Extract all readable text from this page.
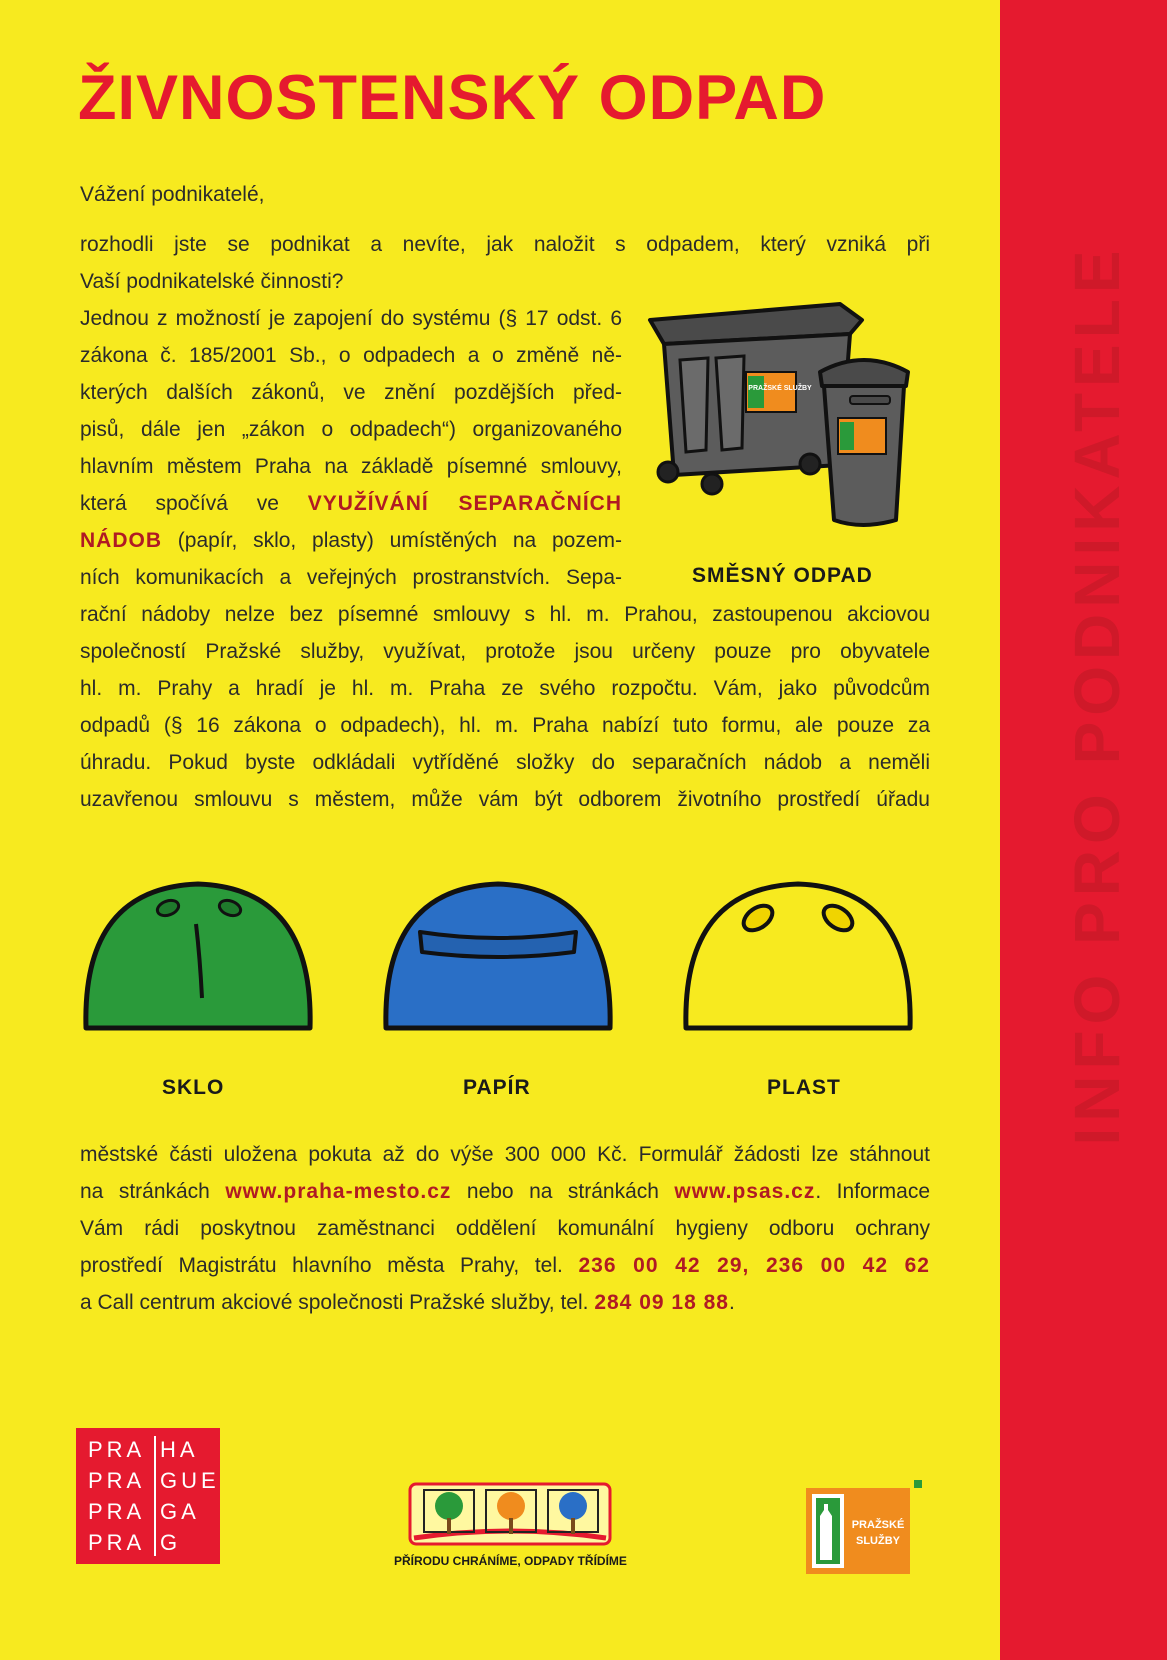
ŽIVNOSTENSKÝ ODPAD

Vážení podnikatelé,

rozhodli jste se podnikat a nevíte, jak naložit s odpadem, který vzniká při
Vaší podnikatelské činnosti?

Jednou z možností je zapojení do systému (§ 17 odst. 6
zákona č. 185/2001 Sb., o odpadech a o změně ně-
kterých dalších zákonů, ve znění pozdějších před-
pisů, dále jen „zákon o odpadech“) organizovaného
hlavním městem Praha na základě písemné smlouvy,
která spočívá ve VYUŽÍVÁNÍ SEPARAČNÍCH
NÁDOB (papír, sklo, plasty) umístěných na pozem-
ních komunikacích a veřejných prostranstvích. Sepa-
PRAŽSKÉ SLUŽBY
SMĚSNÝ ODPAD
rační nádoby nelze bez písemné smlouvy s hl. m. Prahou, zastoupenou akciovou
společností Pražské služby, využívat, protože jsou určeny pouze pro obyvatele
hl. m. Prahy a hradí je hl. m. Praha ze svého rozpočtu. Vám, jako původcům
odpadů (§ 16 zákona o odpadech), hl. m. Praha nabízí tuto formu, ale pouze za
úhradu. Pokud byste odkládali vytříděné složky do separačních nádob a neměli
uzavřenou smlouvu s městem, může vám být odborem životního prostředí úřadu
SKLO	PAPÍR	PLAST
městské části uložena pokuta až do výše 300 000 Kč. Formulář žádosti lze stáhnout
na stránkách www.praha-mesto.cz nebo na stránkách www.psas.cz. Informace
Vám rádi poskytnou zaměstnanci oddělení komunální hygieny odboru ochrany
prostředí Magistrátu hlavního města Prahy, tel. 236 00 42 29, 236 00 42 62
a Call centrum akciové společnosti Pražské služby, tel. 284 09 18 88.
PRA
PRA
PRA
PRA
HA
GUE
GA
G
PŘÍRODU CHRÁNÍME, ODPADY TŘÍDÍME
PRAŽSKÉ
SLUŽBY
INFO PRO PODNIKATELE
